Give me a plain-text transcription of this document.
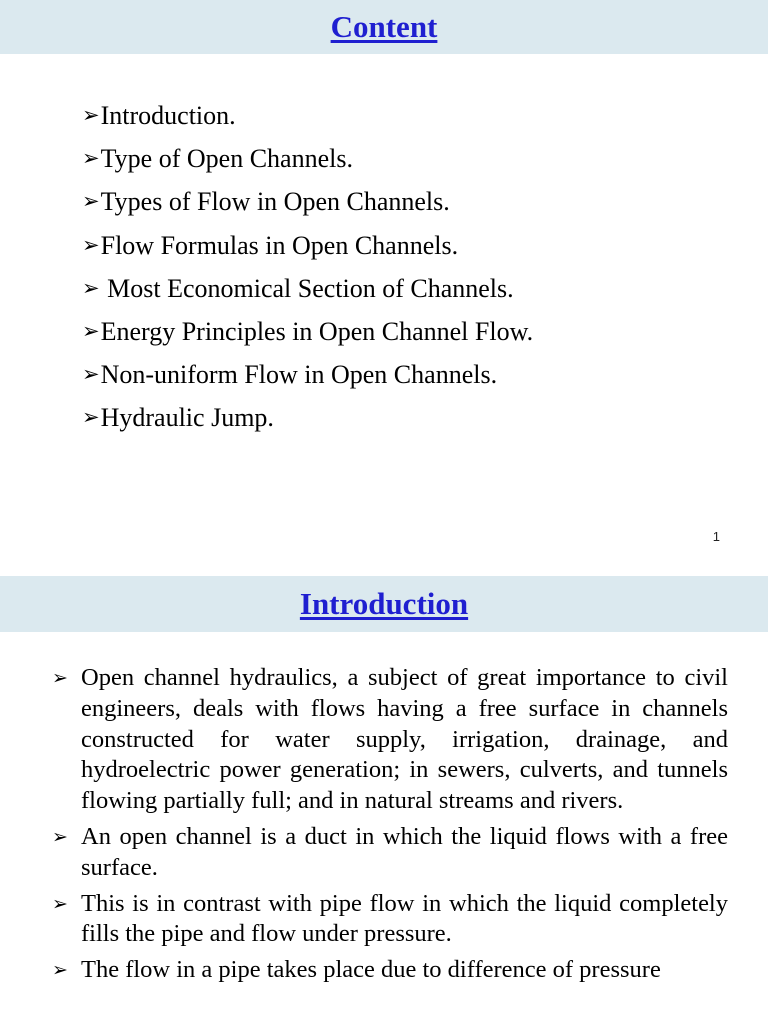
Content
➢ Introduction.
➢ Type of Open Channels.
➢ Types of Flow in Open Channels.
➢ Flow Formulas in Open Channels.
➢ Most Economical Section of Channels.
➢ Energy Principles in Open Channel Flow.
➢ Non-uniform Flow in Open Channels.
➢ Hydraulic Jump.
1
Introduction
➢ Open channel hydraulics, a subject of great importance to civil engineers, deals with flows having a free surface in channels constructed for water supply, irrigation, drainage, and hydroelectric power generation; in sewers, culverts, and tunnels flowing partially full; and in natural streams and rivers.
➢ An open channel is a duct in which the liquid flows with a free surface.
➢ This is in contrast with pipe flow in which the liquid completely fills the pipe and flow under pressure.
➢ The flow in a pipe takes place due to difference of pressure
